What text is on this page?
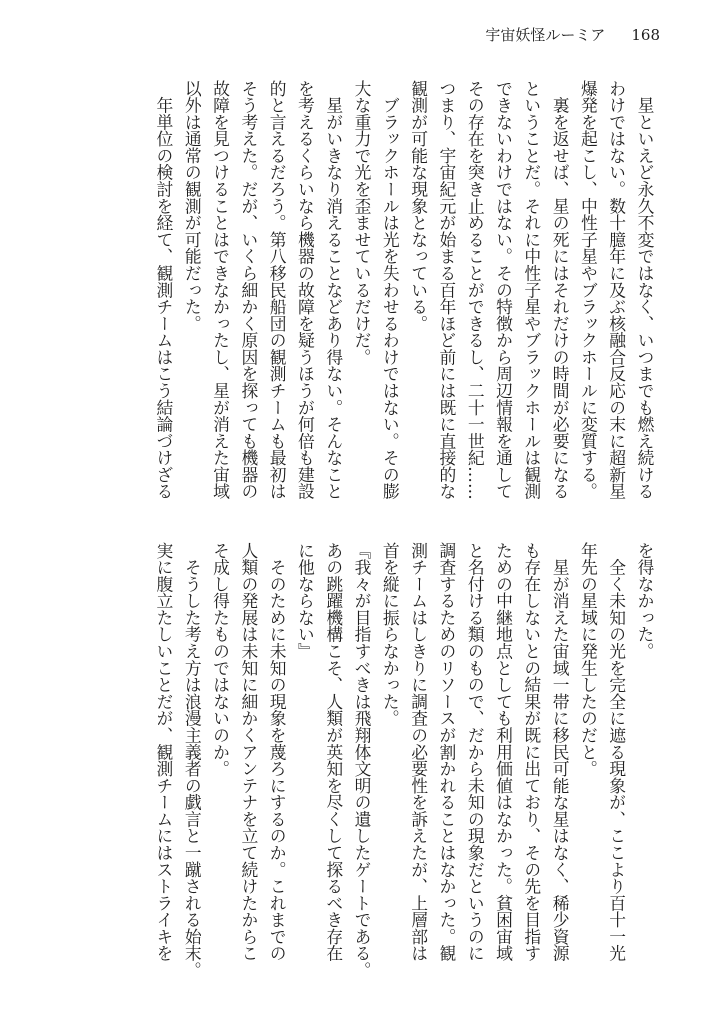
宇宙妖怪ルーミア 168
　星といえど永久不変ではなく、いつまでも燃え続ける
わけではない。数十臆年に及ぶ核融合反応の末に超新星
爆発を起こし、中性子星やブラックホールに変質する。
　裏を返せば、星の死にはそれだけの時間が必要になる
ということだ。それに中性子星やブラックホールは観測
できないわけではない。その特徴から周辺情報を通して
その存在を突き止めることができるし、二十一世紀……
つまり、宇宙紀元が始まる百年ほど前には既に直接的な
観測が可能な現象となっている。
　ブラックホールは光を失わせるわけではない。その膨
大な重力で光を歪ませているだけだ。
　星がいきなり消えることなどあり得ない。そんなこと
を考えるくらいなら機器の故障を疑うほうが何倍も建設
的と言えるだろう。第八移民船団の観測チームも最初は
そう考えた。だが、いくら細かく原因を探っても機器の
故障を見つけることはできなかったし、星が消えた宙域
以外は通常の観測が可能だった。
　年単位の検討を経て、観測チームはこう結論づけざる
を得なかった。
　全く未知の光を完全に遮る現象が、ここより百十一光
年先の星域に発生したのだと。
　星が消えた宙域一帯に移民可能な星はなく、稀少資源
も存在しないとの結果が既に出ており、その先を目指す
ための中継地点としても利用価値はなかった。貧困宙域
と名付ける類のもので、だから未知の現象だというのに
調査するためのリソースが割かれることはなかった。観
測チームはしきりに調査の必要性を訴えたが、上層部は
首を縦に振らなかった。
『我々が目指すべきは飛翔体文明の遺したゲートである。
あの跳躍機構こそ、人類が英知を尽くして探るべき存在
に他ならない』
　そのために未知の現象を蔑ろにするのか。これまでの
人類の発展は未知に細かくアンテナを立て続けたからこ
そ成し得たものではないのか。
　そうした考え方は浪漫主義者の戯言と一蹴される始末。
実に腹立たしいことだが、観測チームにはストライキを
